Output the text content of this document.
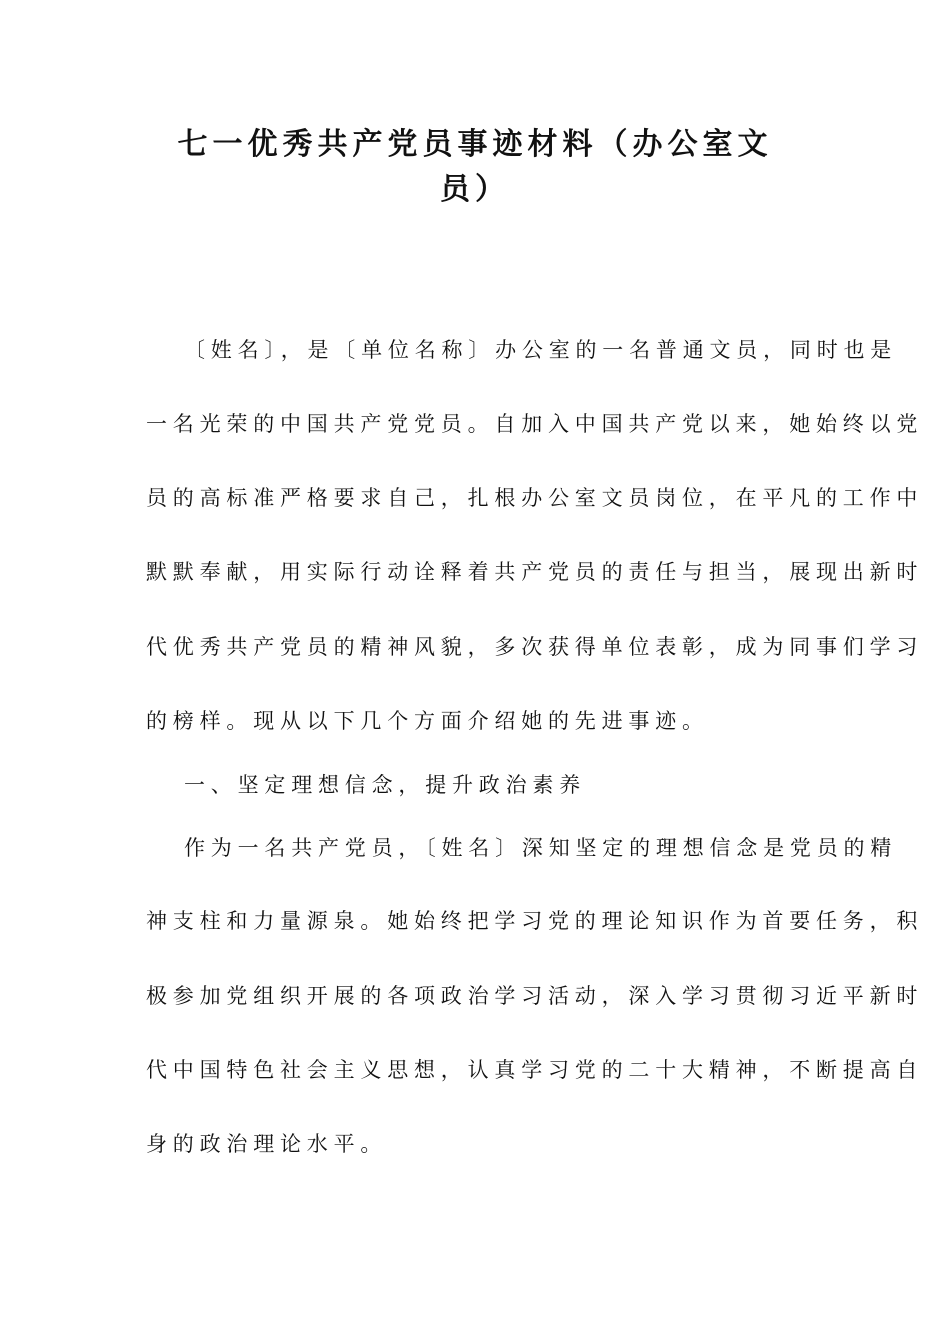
七一优秀共产党员事迹材料（办公室文
员）
〔姓名〕，是〔单位名称〕办公室的一名普通文员，同时也是
一名光荣的中国共产党党员。自加入中国共产党以来，她始终以党
员的高标准严格要求自己，扎根办公室文员岗位，在平凡的工作中
默默奉献，用实际行动诠释着共产党员的责任与担当，展现出新时
代优秀共产党员的精神风貌，多次获得单位表彰，成为同事们学习
的榜样。现从以下几个方面介绍她的先进事迹。
一、坚定理想信念，提升政治素养
作为一名共产党员，〔姓名〕深知坚定的理想信念是党员的精
神支柱和力量源泉。她始终把学习党的理论知识作为首要任务，积
极参加党组织开展的各项政治学习活动，深入学习贯彻习近平新时
代中国特色社会主义思想，认真学习党的二十大精神，不断提高自
身的政治理论水平。
